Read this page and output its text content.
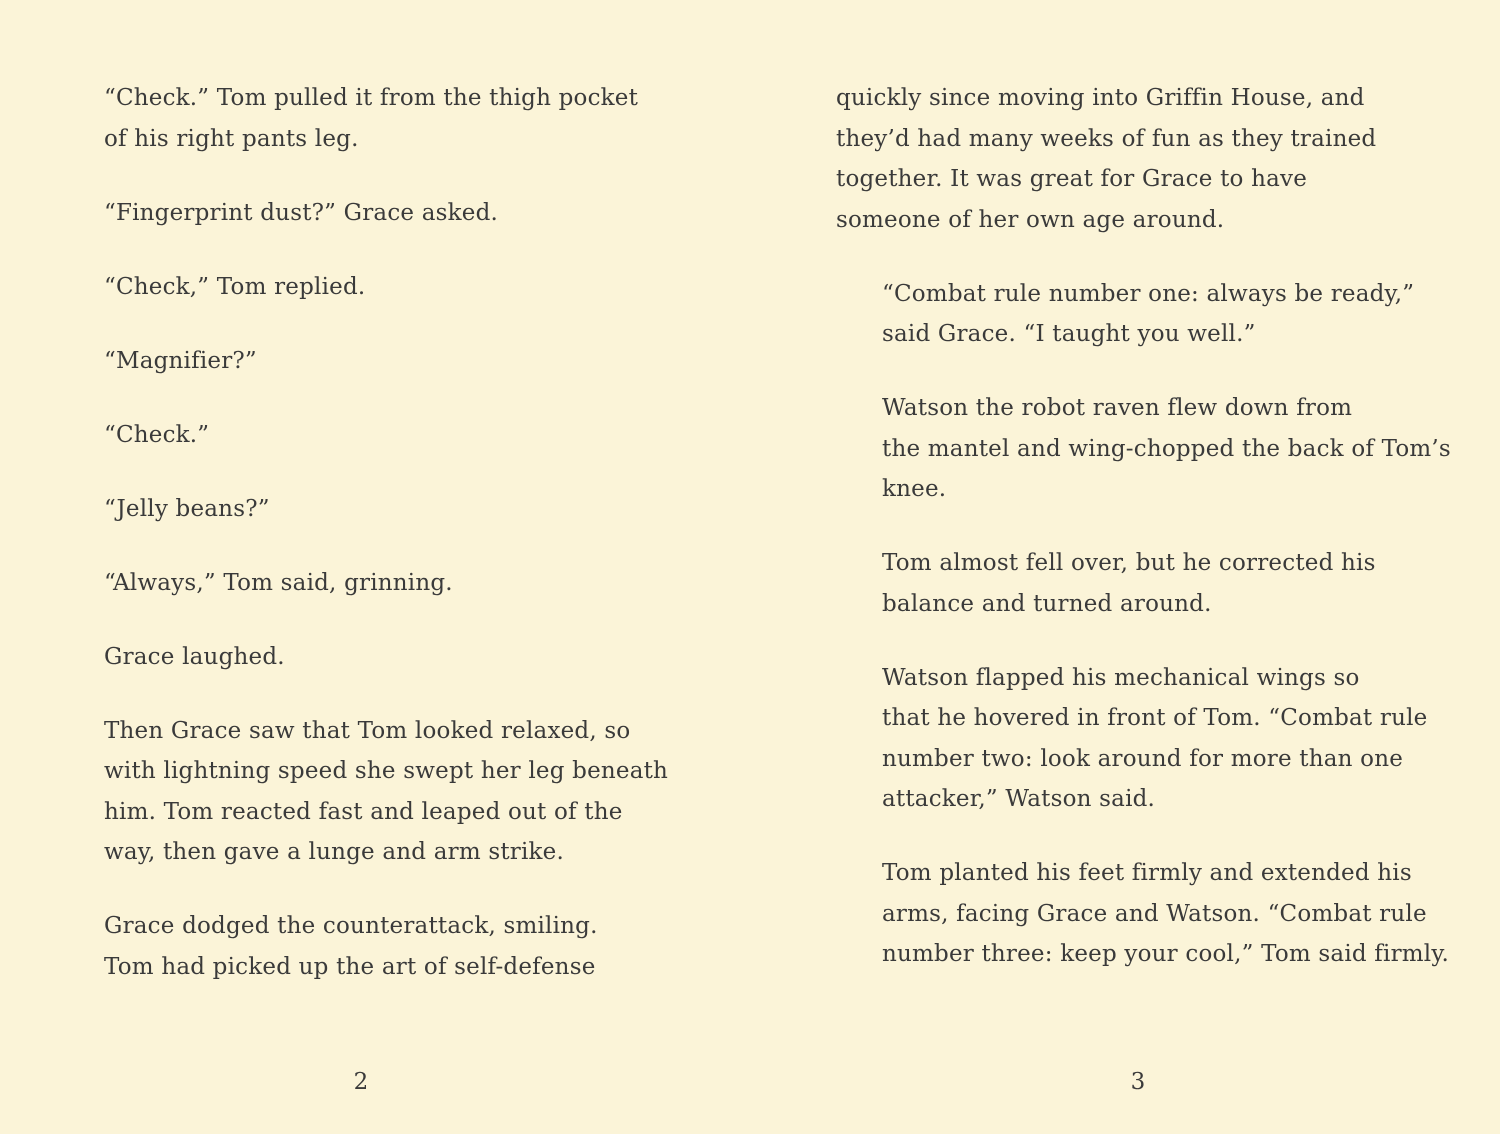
“Check.” Tom pulled it from the thigh pocket
of his right pants leg.

“Fingerprint dust?” Grace asked.

“Check,” Tom replied.

“Magnifier?”

“Check.”

“Jelly beans?”

“Always,” Tom said, grinning.

Grace laughed.

Then Grace saw that Tom looked relaxed, so
with lightning speed she swept her leg beneath
him. Tom reacted fast and leaped out of the
way, then gave a lunge and arm strike.

Grace dodged the counterattack, smiling.
Tom had picked up the art of self-defense

quickly since moving into Griffin House, and
they’d had many weeks of fun as they trained
together. It was great for Grace to have
someone of her own age around.

“Combat rule number one: always be ready,”
said Grace. “I taught you well.”

Watson the robot raven flew down from
the mantel and wing-chopped the back of Tom’s
knee.

Tom almost fell over, but he corrected his
balance and turned around.

Watson flapped his mechanical wings so
that he hovered in front of Tom. “Combat rule
number two: look around for more than one
attacker,” Watson said.

Tom planted his feet firmly and extended his
arms, facing Grace and Watson. “Combat rule
number three: keep your cool,” Tom said firmly.

2	3
